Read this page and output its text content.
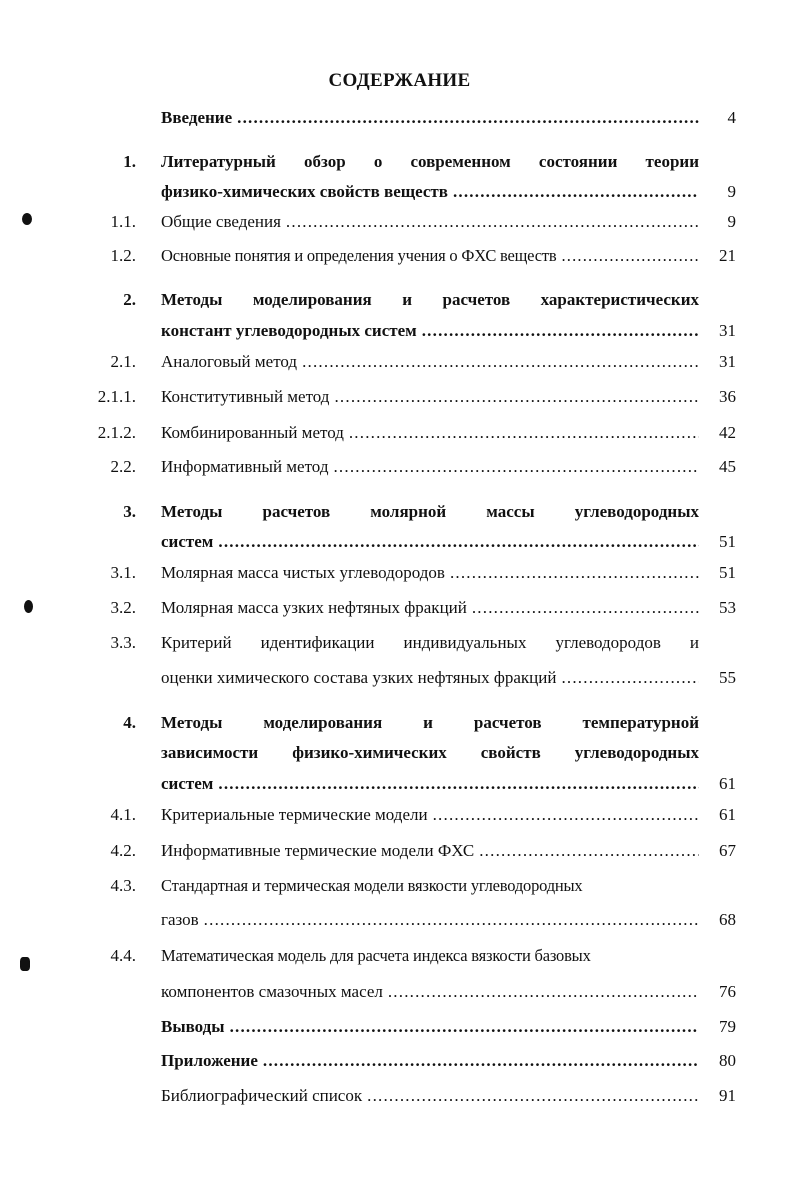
СОДЕРЖАНИЕ
Введение .....	4
1. Литературный обзор о современном состоянии теории
физико-химических свойств веществ .....	9
1.1. Общие сведения .....	9
1.2. Основные понятия и определения учения о ФХС веществ .....	21
2. Методы моделирования и расчетов характеристических
констант углеводородных систем .....	31
2.1. Аналоговый метод .....	31
2.1.1. Конститутивный метод .....	36
2.1.2. Комбинированный метод .....	42
2.2. Информативный метод .....	45
3. Методы расчетов молярной массы углеводородных
систем .....	51
3.1. Молярная масса чистых углеводородов .....	51
3.2. Молярная масса узких нефтяных фракций .....	53
3.3. Критерий идентификации индивидуальных углеводородов и
оценки химического состава узких нефтяных фракций .....	55
4. Методы моделирования и расчетов температурной
зависимости физико-химических свойств углеводородных
систем .....	61
4.1. Критериальные термические модели .....	61
4.2. Информативные термические модели ФХС .....	67
4.3. Стандартная и термическая модели вязкости углеводородных
газов .....	68
4.4. Математическая модель для расчета индекса вязкости базовых
компонентов смазочных масел .....	76
Выводы .....	79
Приложение .....	80
Библиографический список .....	91
